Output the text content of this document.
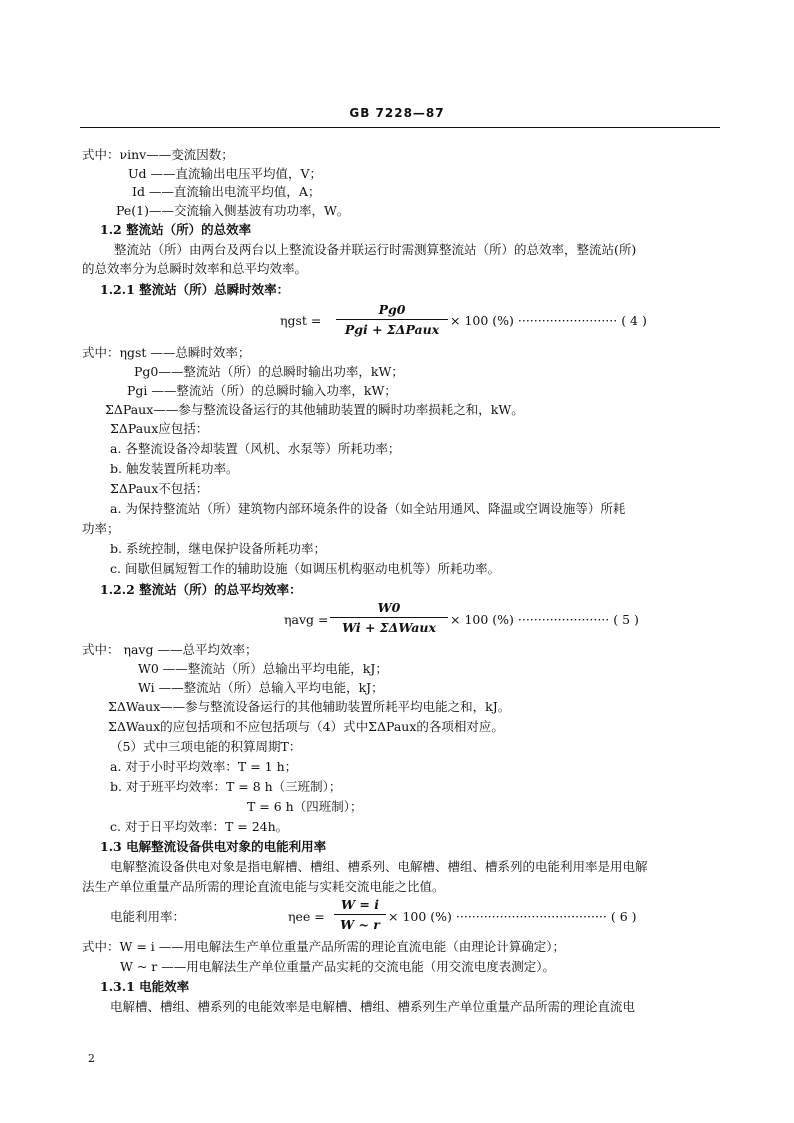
GB 7228—87
式中：νinv——变流因数；
Ud ——直流输出电压平均值，V；
Id ——直流输出电流平均值，A；
Pe(1)——交流输入侧基波有功功率，W。
1.2 整流站（所）的总效率
整流站（所）由两台及两台以上整流设备并联运行时需测算整流站（所）的总效率，整流站(所)
的总效率分为总瞬时效率和总平均效率。
1.2.1 整流站（所）总瞬时效率：
ηgst =
Pg0
Pgi + ΣΔPaux
× 100 (%) ························· ( 4 )
式中：ηgst ——总瞬时效率；
Pg0——整流站（所）的总瞬时输出功率，kW；
Pgi ——整流站（所）的总瞬时输入功率，kW；
ΣΔPaux——参与整流设备运行的其他辅助装置的瞬时功率损耗之和，kW。
ΣΔPaux应包括：
a. 各整流设备冷却装置（风机、水泵等）所耗功率；
b. 触发装置所耗功率。
ΣΔPaux不包括：
a. 为保持整流站（所）建筑物内部环境条件的设备（如全站用通风、降温或空调设施等）所耗
功率；
b. 系统控制，继电保护设备所耗功率；
c. 间歇但属短暂工作的辅助设施（如调压机构驱动电机等）所耗功率。
1.2.2 整流站（所）的总平均效率：
ηavg =
W0
Wi + ΣΔWaux
× 100 (%) ······················· ( 5 )
式中： ηavg ——总平均效率；
W0 ——整流站（所）总输出平均电能，kJ；
Wi ——整流站（所）总输入平均电能，kJ；
ΣΔWaux——参与整流设备运行的其他辅助装置所耗平均电能之和，kJ。
ΣΔWaux的应包括项和不应包括项与（4）式中ΣΔPaux的各项相对应。
（5）式中三项电能的积算周期T：
a. 对于小时平均效率：T = 1 h；
b. 对于班平均效率：T = 8 h（三班制）；
T = 6 h（四班制）；
c. 对于日平均效率：T = 24h。
1.3 电解整流设备供电对象的电能利用率
电解整流设备供电对象是指电解槽、槽组、槽系列、电解槽、槽组、槽系列的电能利用率是用电解
法生产单位重量产品所需的理论直流电能与实耗交流电能之比值。
电能利用率：	ηee =
W = i
W ~ r
× 100 (%) ······································ ( 6 )
式中：W = i ——用电解法生产单位重量产品所需的理论直流电能（由理论计算确定）；
W ~ r ——用电解法生产单位重量产品实耗的交流电能（用交流电度表测定）。
1.3.1 电能效率
电解槽、槽组、槽系列的电能效率是电解槽、槽组、槽系列生产单位重量产品所需的理论直流电
2
